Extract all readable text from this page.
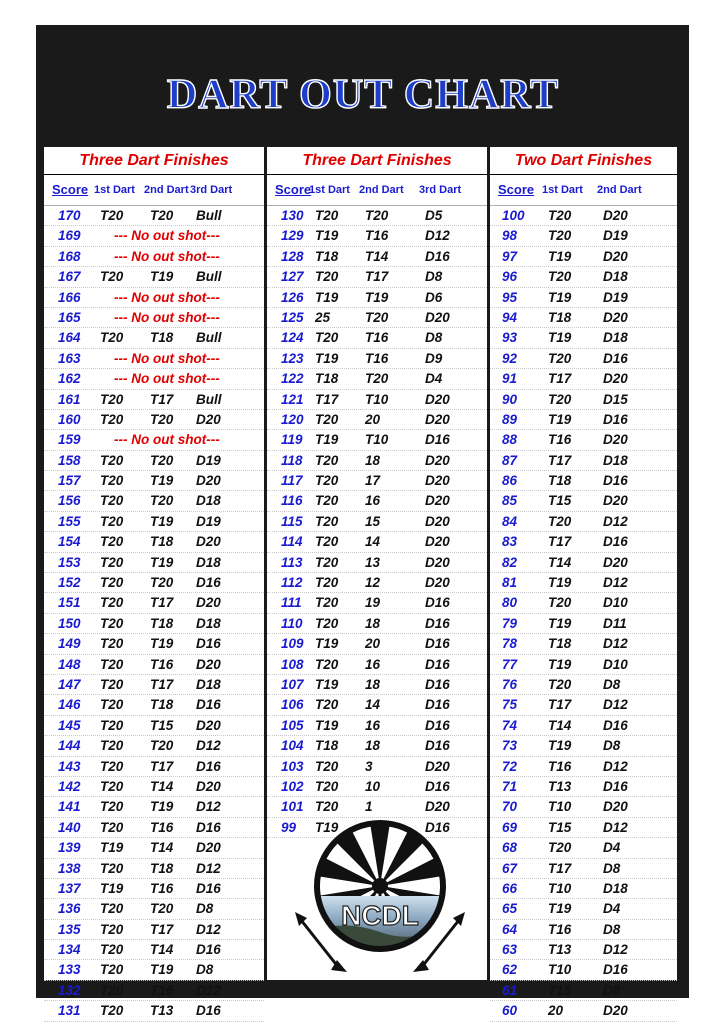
DART OUT CHART
Three Dart Finishes
Score 1st Dart 2nd Dart 3rd Dart
170 T20 T20 Bull
169 --- No out shot---
168 --- No out shot---
167 T20 T19 Bull
166 --- No out shot---
165 --- No out shot---
164 T20 T18 Bull
163 --- No out shot---
162 --- No out shot---
161 T20 T17 Bull
160 T20 T20 D20
159 --- No out shot---
158 T20 T20 D19
157 T20 T19 D20
156 T20 T20 D18
155 T20 T19 D19
154 T20 T18 D20
153 T20 T19 D18
152 T20 T20 D16
151 T20 T17 D20
150 T20 T18 D18
149 T20 T19 D16
148 T20 T16 D20
147 T20 T17 D18
146 T20 T18 D16
145 T20 T15 D20
144 T20 T20 D12
143 T20 T17 D16
142 T20 T14 D20
141 T20 T19 D12
140 T20 T16 D16
139 T19 T14 D20
138 T20 T18 D12
137 T19 T16 D16
136 T20 T20 D8
135 T20 T17 D12
134 T20 T14 D16
133 T20 T19 D8
132 T20 T16 D12
131 T20 T13 D16
Three Dart Finishes
Score
1st Dart 2nd Dart 3rd Dart
130 T20 T20	D5
129 T19 T16	D12
128 T18 T14	D16
127 T20 T17	D8
126 T19 T19	D6
125 25	T20	D20
124 T20 T16	D8
123 T19 T16	D9
122 T18 T20	D4
121 T17 T10	D20
120 T20 20	D20
119 T19 T10	D16
118 T20 18	D20
117 T20 17	D20
116 T20 16	D20
115 T20 15	D20
114 T20 14	D20
113 T20 13	D20
112 T20 12	D20
111 T20 19	D16
110 T20 18	D16
109 T19 20	D16
108 T20 16	D16
107 T19 18	D16
106 T20 14	D16
105 T19 16	D16
104 T18 18	D16
103 T20 3	D20
102 T20 10	D16
101 T20 1	D20
99 T19	D16
Two Dart Finishes
Score 1st Dart 2nd Dart
100 T20 D20
98 T20 D19
97 T19 D20
96 T20 D18
95 T19 D19
94 T18 D20
93 T19 D18
92 T20 D16
91 T17 D20
90 T20 D15
89 T19 D16
88 T16 D20
87 T17 D18
86 T18 D16
85 T15 D20
84 T20 D12
83 T17 D16
82 T14 D20
81 T19 D12
80 T20 D10
79 T19 D11
78 T18 D12
77 T19 D10
76 T20 D8
75 T17 D12
74 T14 D16
73 T19 D8
72 T16 D12
71 T13 D16
70 T10 D20
69 T15 D12
68 T20 D4
67 T17 D8
66 T10 D18
65 T19 D4
64 T16 D8
63 T13 D12
62 T10 D16
61 T15 D8
60 20	D20
NCDL
